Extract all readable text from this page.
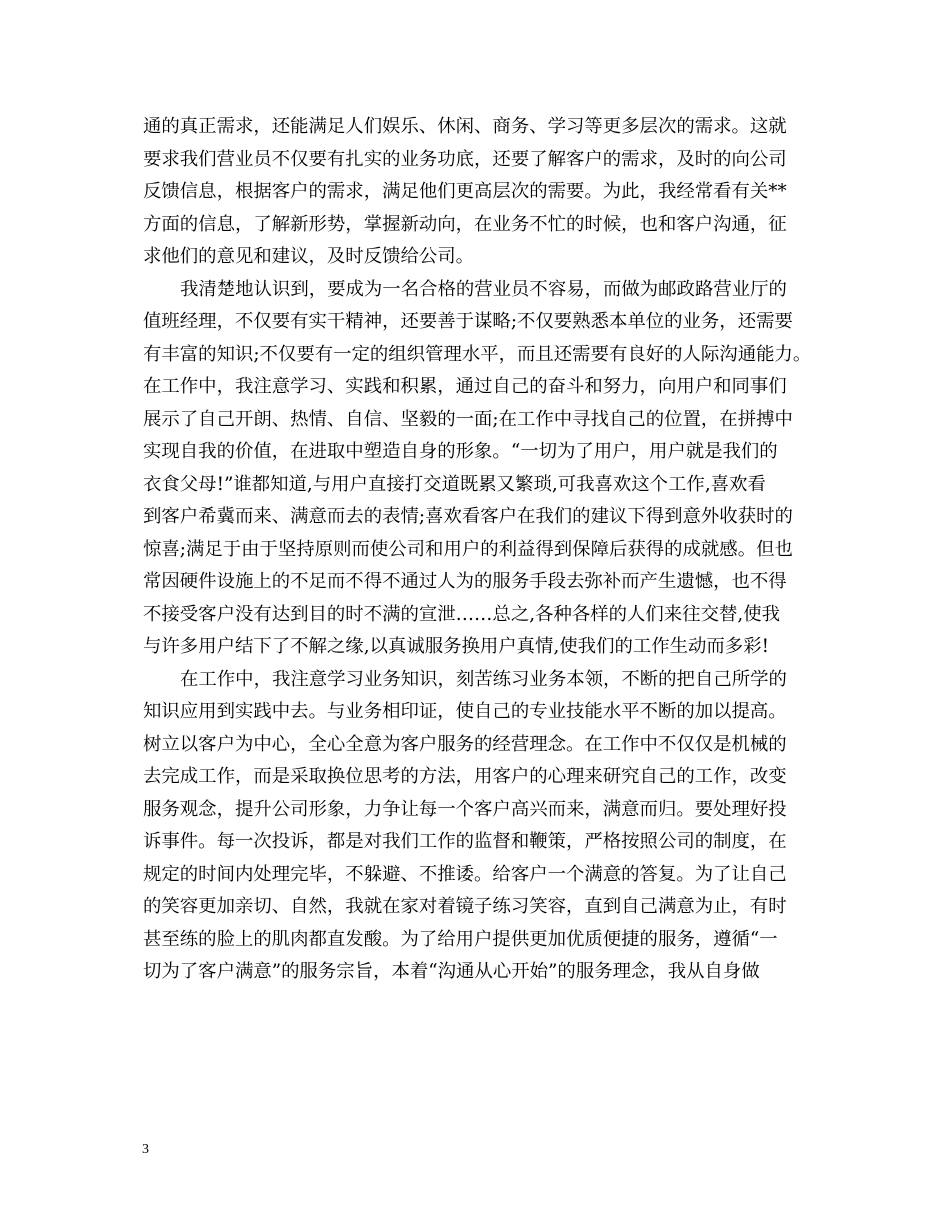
通的真正需求，还能满足人们娱乐、休闲、商务、学习等更多层次的需求。这就
要求我们营业员不仅要有扎实的业务功底，还要了解客户的需求，及时的向公司
反馈信息，根据客户的需求，满足他们更高层次的需要。为此，我经常看有关**
方面的信息，了解新形势，掌握新动向，在业务不忙的时候，也和客户沟通，征
求他们的意见和建议，及时反馈给公司。
我清楚地认识到，要成为一名合格的营业员不容易，而做为邮政路营业厅的
值班经理，不仅要有实干精神，还要善于谋略;不仅要熟悉本单位的业务，还需要
有丰富的知识;不仅要有一定的组织管理水平，而且还需要有良好的人际沟通能力。
在工作中，我注意学习、实践和积累，通过自己的奋斗和努力，向用户和同事们
展示了自己开朗、热情、自信、坚毅的一面;在工作中寻找自己的位置，在拼搏中
实现自我的价值，在进取中塑造自身的形象。“一切为了用户，用户就是我们的
衣食父母!”谁都知道,与用户直接打交道既累又繁琐,可我喜欢这个工作,喜欢看
到客户希冀而来、满意而去的表情;喜欢看客户在我们的建议下得到意外收获时的
惊喜;满足于由于坚持原则而使公司和用户的利益得到保障后获得的成就感。但也
常因硬件设施上的不足而不得不通过人为的服务手段去弥补而产生遗憾，也不得
不接受客户没有达到目的时不满的宣泄……总之,各种各样的人们来往交替,使我
与许多用户结下了不解之缘,以真诚服务换用户真情,使我们的工作生动而多彩!
在工作中，我注意学习业务知识，刻苦练习业务本领，不断的把自己所学的
知识应用到实践中去。与业务相印证，使自己的专业技能水平不断的加以提高。
树立以客户为中心，全心全意为客户服务的经营理念。在工作中不仅仅是机械的
去完成工作，而是采取换位思考的方法，用客户的心理来研究自己的工作，改变
服务观念，提升公司形象，力争让每一个客户高兴而来，满意而归。要处理好投
诉事件。每一次投诉，都是对我们工作的监督和鞭策，严格按照公司的制度，在
规定的时间内处理完毕，不躲避、不推诿。给客户一个满意的答复。为了让自己
的笑容更加亲切、自然，我就在家对着镜子练习笑容，直到自己满意为止，有时
甚至练的脸上的肌肉都直发酸。为了给用户提供更加优质便捷的服务，遵循“一
切为了客户满意”的服务宗旨，本着“沟通从心开始”的服务理念，我从自身做
3
